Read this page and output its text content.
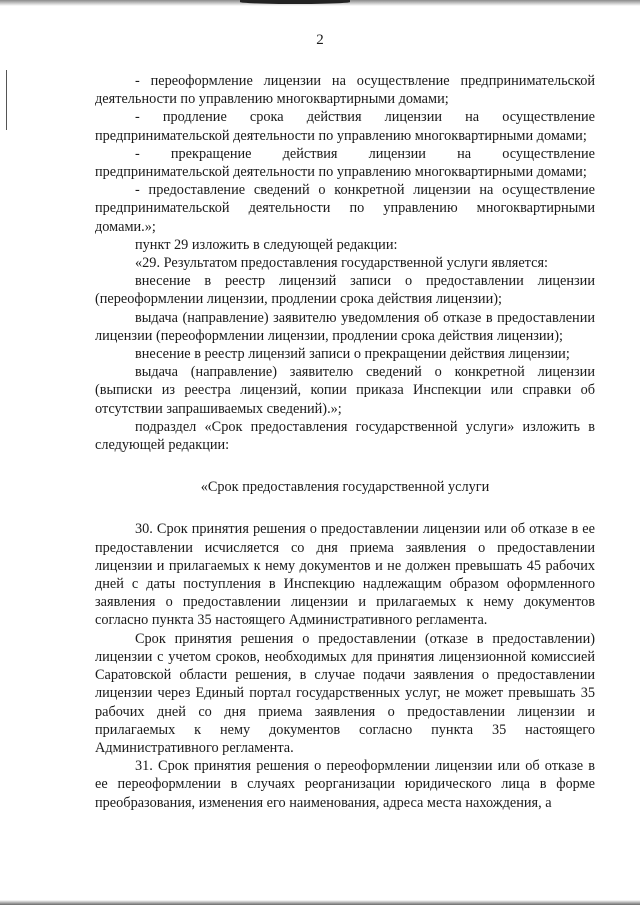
2

- переоформление лицензии на осуществление предпринимательской деятельности по управлению многоквартирными домами;

- продление срока действия лицензии на осуществление предпринимательской деятельности по управлению многоквартирными домами;

- прекращение действия лицензии на осуществление предпринимательской деятельности по управлению многоквартирными домами;

- предоставление сведений о конкретной лицензии на осуществление предпринимательской деятельности по управлению многоквартирными домами.»;

пункт 29 изложить в следующей редакции:

«29. Результатом предоставления государственной услуги является:

внесение в реестр лицензий записи о предоставлении лицензии (переоформлении лицензии, продлении срока действия лицензии);

выдача (направление) заявителю уведомления об отказе в предоставлении лицензии (переоформлении лицензии, продлении срока действия лицензии);

внесение в реестр лицензий записи о прекращении действия лицензии;

выдача (направление) заявителю сведений о конкретной лицензии (выписки из реестра лицензий, копии приказа Инспекции или справки об отсутствии запрашиваемых сведений).»;

подраздел «Срок предоставления государственной услуги» изложить в следующей редакции:

«Срок предоставления государственной услуги

30. Срок принятия решения о предоставлении лицензии или об отказе в ее предоставлении исчисляется со дня приема заявления о предоставлении лицензии и прилагаемых к нему документов и не должен превышать 45 рабочих дней с даты поступления в Инспекцию надлежащим образом оформленного заявления о предоставлении лицензии и прилагаемых к нему документов согласно пункта 35 настоящего Административного регламента.

Срок принятия решения о предоставлении (отказе в предоставлении) лицензии с учетом сроков, необходимых для принятия лицензионной комиссией Саратовской области решения, в случае подачи заявления о предоставлении лицензии через Единый портал государственных услуг, не может превышать 35 рабочих дней со дня приема заявления о предоставлении лицензии и прилагаемых к нему документов согласно пункта 35 настоящего Административного регламента.

31. Срок принятия решения о переоформлении лицензии или об отказе в ее переоформлении в случаях реорганизации юридического лица в форме преобразования, изменения его наименования, адреса места нахождения, а
